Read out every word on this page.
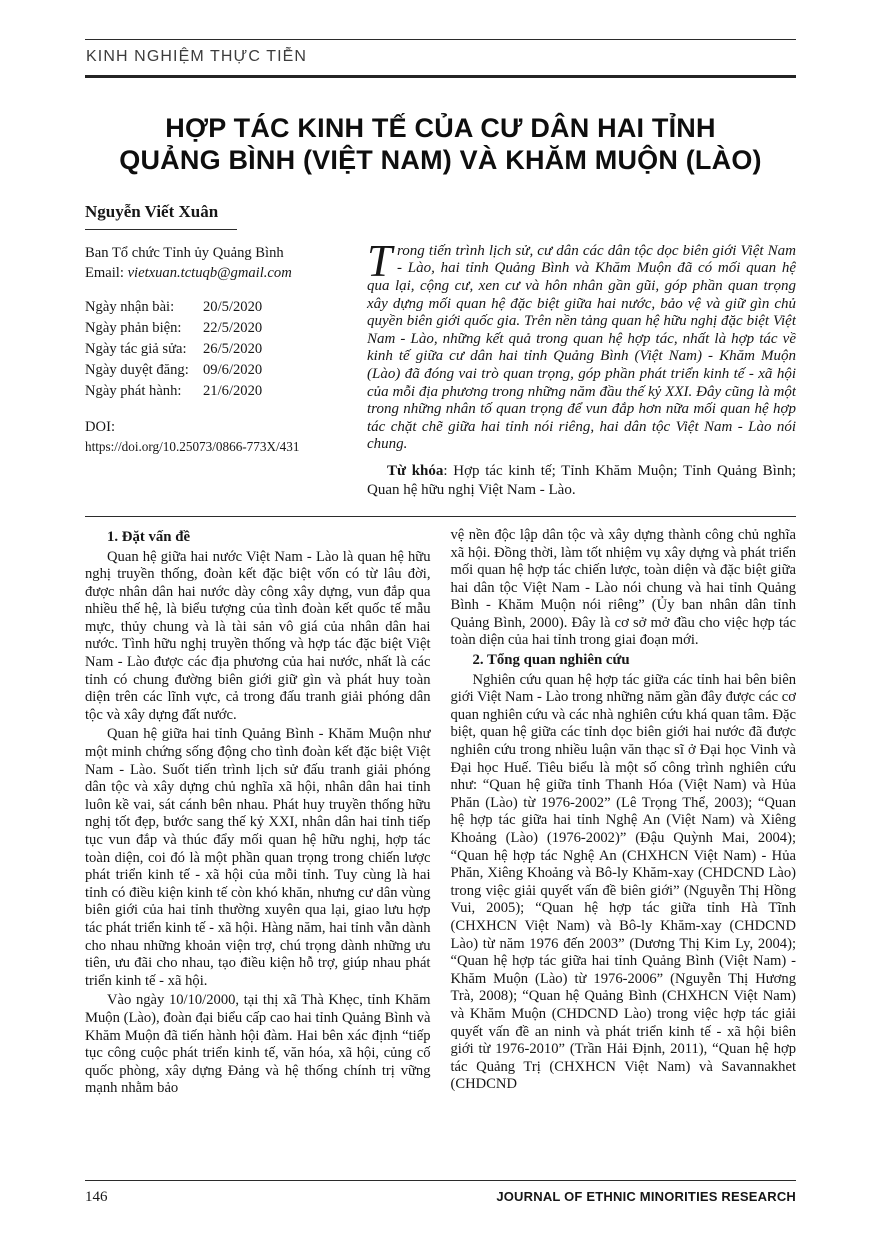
KINH NGHIỆM THỰC TIỄN
HỢP TÁC KINH TẾ CỦA CƯ DÂN HAI TỈNH
QUẢNG BÌNH (VIỆT NAM) VÀ KHĂM MUỘN (LÀO)
Nguyễn Viết Xuân
Ban Tổ chức Tỉnh ủy Quảng Bình
Email: vietxuan.tctuqb@gmail.com
Ngày nhận bài:	20/5/2020
Ngày phản biện:	22/5/2020
Ngày tác giả sửa:	26/5/2020
Ngày duyệt đăng: 09/6/2020
Ngày phát hành:	21/6/2020
DOI:
https://doi.org/10.25073/0866-773X/431

Trong tiến trình lịch sử, cư dân các dân tộc dọc biên giới Việt Nam - Lào, hai tỉnh Quảng Bình và Khăm Muộn đã có mối quan hệ qua lại, cộng cư, xen cư và hôn nhân gần gũi, góp phần quan trọng xây dựng mối quan hệ đặc biệt giữa hai nước, bảo vệ và giữ gìn chủ quyền biên giới quốc gia. Trên nền tảng quan hệ hữu nghị đặc biệt Việt Nam - Lào, những kết quả trong quan hệ hợp tác, nhất là hợp tác về kinh tế giữa cư dân hai tỉnh Quảng Bình (Việt Nam) - Khăm Muộn (Lào) đã đóng vai trò quan trọng, góp phần phát triển kinh tế - xã hội của mỗi địa phương trong những năm đầu thế kỷ XXI. Đây cũng là một trong những nhân tố quan trọng để vun đắp hơn nữa mối quan hệ hợp tác chặt chẽ giữa hai tỉnh nói riêng, hai dân tộc Việt Nam - Lào nói chung.

Từ khóa: Hợp tác kinh tế; Tỉnh Khăm Muộn; Tỉnh Quảng Bình; Quan hệ hữu nghị Việt Nam - Lào.

1. Đặt vấn đề

Quan hệ giữa hai nước Việt Nam - Lào là quan hệ hữu nghị truyền thống, đoàn kết đặc biệt vốn có từ lâu đời, được nhân dân hai nước dày công xây dựng, vun đắp qua nhiều thế hệ, là biểu tượng của tình đoàn kết quốc tế mẫu mực, thủy chung và là tài sản vô giá của nhân dân hai nước. Tình hữu nghị truyền thống và hợp tác đặc biệt Việt Nam - Lào được các địa phương của hai nước, nhất là các tỉnh có chung đường biên giới giữ gìn và phát huy toàn diện trên các lĩnh vực, cả trong đấu tranh giải phóng dân tộc và xây dựng đất nước.

Quan hệ giữa hai tỉnh Quảng Bình - Khăm Muộn như một minh chứng sống động cho tình đoàn kết đặc biệt Việt Nam - Lào. Suốt tiến trình lịch sử đấu tranh giải phóng dân tộc và xây dựng chủ nghĩa xã hội, nhân dân hai tỉnh luôn kề vai, sát cánh bên nhau. Phát huy truyền thống hữu nghị tốt đẹp, bước sang thế kỷ XXI, nhân dân hai tỉnh tiếp tục vun đắp và thúc đẩy mối quan hệ hữu nghị, hợp tác toàn diện, coi đó là một phần quan trọng trong chiến lược phát triển kinh tế - xã hội của mỗi tỉnh. Tuy cùng là hai tỉnh có điều kiện kinh tế còn khó khăn, nhưng cư dân vùng biên giới của hai tỉnh thường xuyên qua lại, giao lưu hợp tác phát triển kinh tế - xã hội. Hàng năm, hai tỉnh vẫn dành cho nhau những khoản viện trợ, chú trọng dành những ưu tiên, ưu đãi cho nhau, tạo điều kiện hỗ trợ, giúp nhau phát triển kinh tế - xã hội.

Vào ngày 10/10/2000, tại thị xã Thà Khẹc, tỉnh Khăm Muộn (Lào), đoàn đại biểu cấp cao hai tỉnh Quảng Bình và Khăm Muộn đã tiến hành hội đàm. Hai bên xác định “tiếp tục công cuộc phát triển kinh tế, văn hóa, xã hội, củng cố quốc phòng, xây dựng Đảng và hệ thống chính trị vững mạnh nhằm bảo

vệ nền độc lập dân tộc và xây dựng thành công chủ nghĩa xã hội. Đồng thời, làm tốt nhiệm vụ xây dựng và phát triển mối quan hệ hợp tác chiến lược, toàn diện và đặc biệt giữa hai dân tộc Việt Nam - Lào nói chung và hai tỉnh Quảng Bình - Khăm Muộn nói riêng” (Ủy ban nhân dân tỉnh Quảng Bình, 2000). Đây là cơ sở mở đầu cho việc hợp tác toàn diện của hai tỉnh trong giai đoạn mới.

2. Tổng quan nghiên cứu

Nghiên cứu quan hệ hợp tác giữa các tỉnh hai bên biên giới Việt Nam - Lào trong những năm gần đây được các cơ quan nghiên cứu và các nhà nghiên cứu khá quan tâm. Đặc biệt, quan hệ giữa các tỉnh dọc biên giới hai nước đã được nghiên cứu trong nhiều luận văn thạc sĩ ở Đại học Vinh và Đại học Huế. Tiêu biểu là một số công trình nghiên cứu như: “Quan hệ giữa tỉnh Thanh Hóa (Việt Nam) và Hủa Phăn (Lào) từ 1976-2002” (Lê Trọng Thể, 2003); “Quan hệ hợp tác giữa hai tỉnh Nghệ An (Việt Nam) và Xiêng Khoảng (Lào) (1976-2002)” (Đậu Quỳnh Mai, 2004); “Quan hệ hợp tác Nghệ An (CHXHCN Việt Nam) - Hủa Phăn, Xiêng Khoảng và Bô-ly Khăm-xay (CHDCND Lào) trong việc giải quyết vấn đề biên giới” (Nguyễn Thị Hồng Vui, 2005); “Quan hệ hợp tác giữa tỉnh Hà Tĩnh (CHXHCN Việt Nam) và Bô-ly Khăm-xay (CHDCND Lào) từ năm 1976 đến 2003” (Dương Thị Kim Ly, 2004); “Quan hệ hợp tác giữa hai tỉnh Quảng Bình (Việt Nam) - Khăm Muộn (Lào) từ 1976-2006” (Nguyễn Thị Hương Trà, 2008); “Quan hệ Quảng Bình (CHXHCN Việt Nam) và Khăm Muộn (CHDCND Lào) trong việc hợp tác giải quyết vấn đề an ninh và phát triển kinh tế - xã hội biên giới từ 1976-2010” (Trần Hải Định, 2011), “Quan hệ hợp tác Quảng Trị (CHXHCN Việt Nam) và Savannakhet (CHDCND

146	JOURNAL OF ETHNIC MINORITIES RESEARCH
